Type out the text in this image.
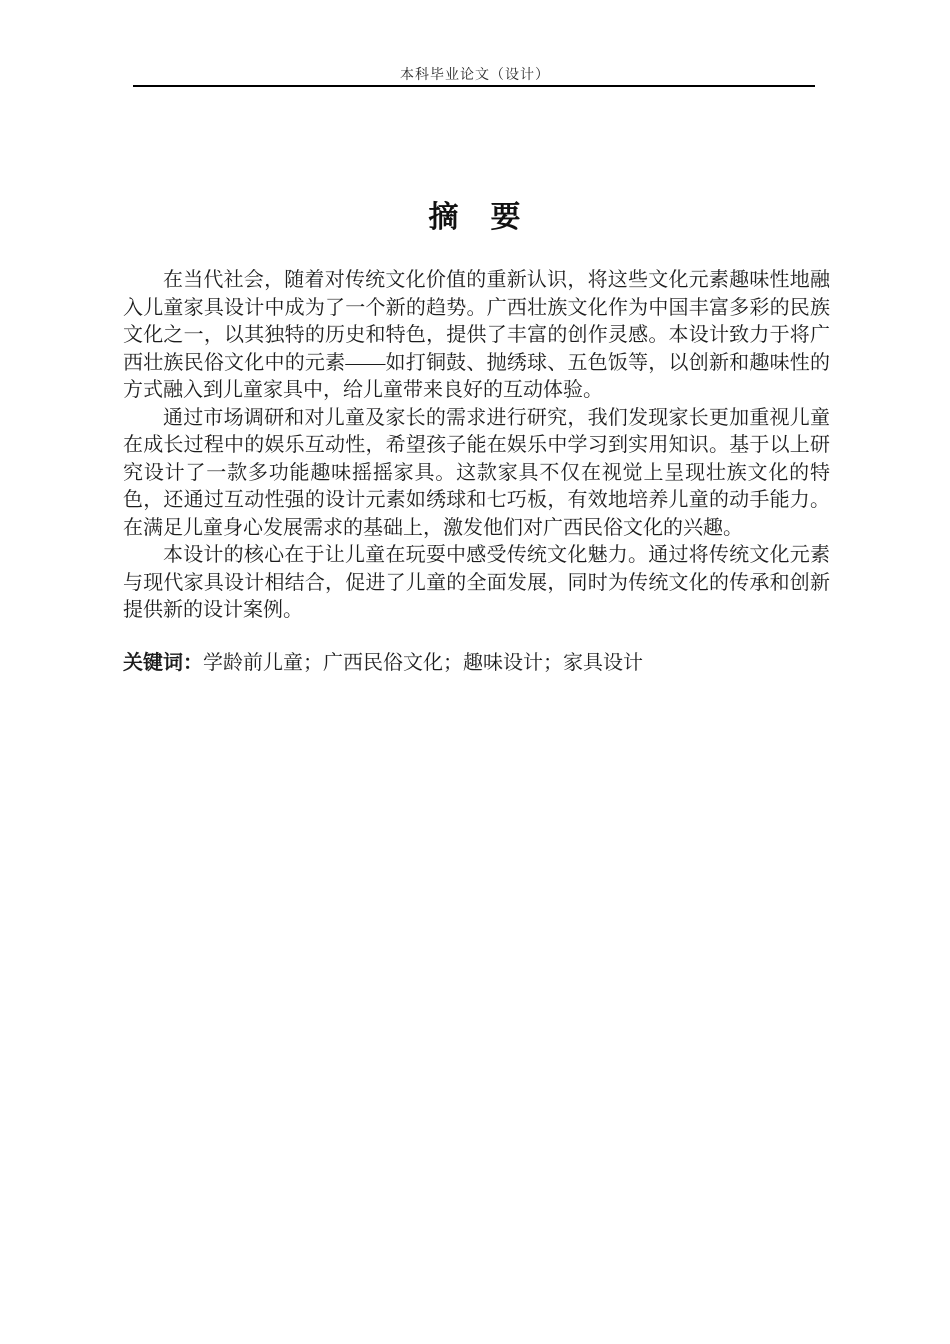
本科毕业论文（设计）
摘　要

在当代社会，随着对传统文化价值的重新认识，将这些文化元素趣味性地融入儿童家具设计中成为了一个新的趋势。广西壮族文化作为中国丰富多彩的民族文化之一，以其独特的历史和特色，提供了丰富的创作灵感。本设计致力于将广西壮族民俗文化中的元素——如打铜鼓、抛绣球、五色饭等，以创新和趣味性的方式融入到儿童家具中，给儿童带来良好的互动体验。

通过市场调研和对儿童及家长的需求进行研究，我们发现家长更加重视儿童在成长过程中的娱乐互动性，希望孩子能在娱乐中学习到实用知识。基于以上研究设计了一款多功能趣味摇摇家具。这款家具不仅在视觉上呈现壮族文化的特色，还通过互动性强的设计元素如绣球和七巧板，有效地培养儿童的动手能力。在满足儿童身心发展需求的基础上，激发他们对广西民俗文化的兴趣。

本设计的核心在于让儿童在玩耍中感受传统文化魅力。通过将传统文化元素与现代家具设计相结合，促进了儿童的全面发展，同时为传统文化的传承和创新提供新的设计案例。

关键词：学龄前儿童；广西民俗文化；趣味设计；家具设计
